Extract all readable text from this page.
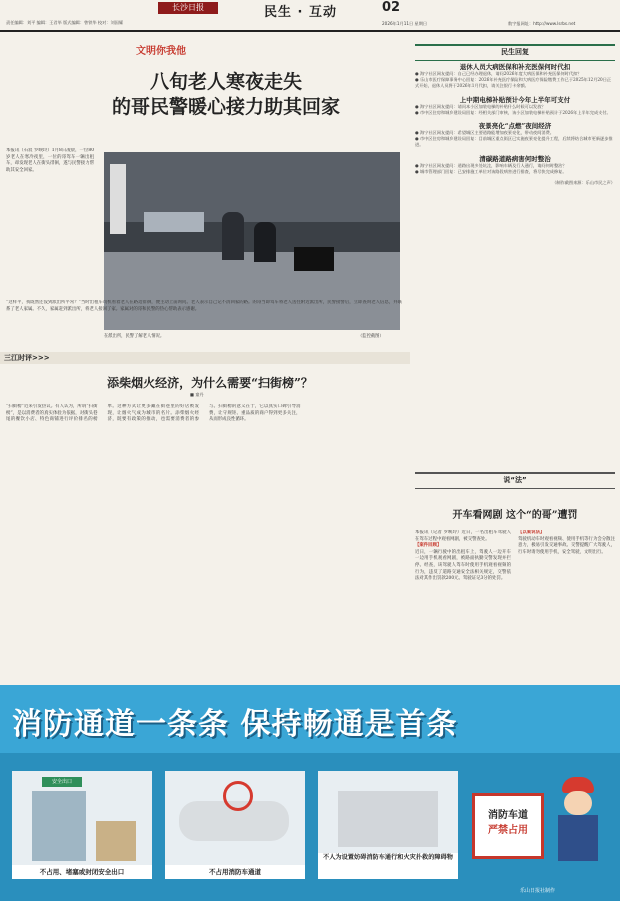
责任编辑：刘平 编辑：王君毕 版式编辑：曾铁华 校对：刘国耀
长沙日报	民生 · 互动	02
2026年1月11日 星期日	数字报网址：http://www.lsrbs.net
文明你我他
八旬老人寒夜走失
的哥民警暖心接力助其回家
本报讯（石宸 罗映玲）1月8日凌晨，一位80岁老人在寒冷夜里，一位的哥驾车一辆出租车，却发现老人在街头徘徊，遂与民警接力帮助其安全回家。
在派出所，民警了解老人情况。	（监控截图）
“这样平，我既然还没到派出所平常？”当时出租车司机看着老人在路边徘徊，便主动上前询问。老人表示自己记不清回家的路。的哥当即驾车将老人送往附近派出所，民警接警后，立即查询老人信息，并联系了老人家属。不久，家属赶到派出所，将老人接回了家。家属对的哥和民警的热心帮助表示感谢。
三江时评>>>
添柴烟火经济，为什么需要“扫街榜”？
■ 童丹
“扫街榜”近来引发热议。有人认为，所谓“扫街榜”，是以消费者的真实体验为依据，对街头巷尾的餐饮小店、特色商铺进行评价排名的榜单。这种方式让更多藏在街巷里的好店被发现，让烟火气成为城市的名片。添柴烟火经济，既要有政策的推动，也需要消费者的参与。扫街榜的意义在于，它以真实口碑引导消费，让守规矩、重品质的商户得到更多关注，从而形成良性循环。
民生回复
退休人员大病医保和补充医保何时代扣
● 海宁社区网友提问：自己已经办理退休，请问2026年度大病医保和补充医保何时代扣？
● 乐山市医疗保障事务中心回复：2026年补充医疗保险和大病医疗保险缴费工作已于2025年12月20日正式开始，退休人员将于2026年1月代扣，请关注银行卡余额。
上中期电梯补贴预计今年上半年可支付
● 海宁社区网友提问：请问本小区加装电梯的补贴什么时候可以发放？
● 市中区住房和城乡建设局回复：经相关部门审核，该小区加装电梯补贴预计于2026年上半年完成支付。
夜景亮化“点燃”夜间经济
● 海宁社区网友提问：希望城区主要道路能增加夜景亮化，带动夜间消费。
● 市中区住房和城乡建设局回复：目前城区重点街区已实施夜景亮化提升工程，后续将结合城市更新逐步推进。
清碳路道路病害何时整治
● 海宁社区网友提问：道路出现多处坑洼，影响车辆及行人通行，请问何时整治？
● 城市管理部门回复：已安排施工单位对该路段病害进行排查，将尽快完成修复。
（制作截图来源：乐山市民之声）
说“法”
开车看网剧 这个“的哥”遭罚
本报讯（记者 罗映玲）近日，一名出租车驾驶人在驾车过程中观看网剧，被交警查处。
【案件回顾】
近日，一辆行驶中的出租车上，驾驶人一边开车一边用手机观看网剧，被路面执勤交警发现并拦停。经查，该驾驶人驾车时使用手机观看视频的行为，违反了道路交通安全法相关规定，交警依法对其作出罚款200元、驾驶证记3分的处罚。
【以案说法】
驾驶机动车时观看视频、使用手机等行为会分散注意力，极易引发交通事故。交警提醒广大驾驶人，行车时请勿使用手机，安全驾驶，文明出行。
消防通道一条条 保持畅通是首条
安全出口
不占用、堵塞或封闭安全出口	不占用消防车通道
不人为设置妨碍消防车通行和火灾扑救的障碍物
消防车道
严禁占用
乐山日报社制作
